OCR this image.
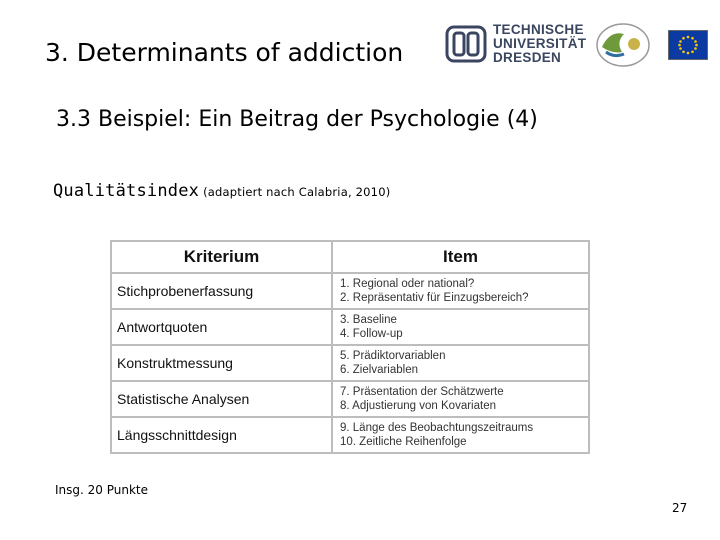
3. Determinants of addiction
TECHNISCHE
UNIVERSITÄT
DRESDEN
3.3 Beispiel: Ein Beitrag der Psychologie (4)
Qualitätsindex (adaptiert nach Calabria, 2010)
Kriterium	Item
Stichprobenerfassung	1. Regional oder national?
2. Repräsentativ für Einzugsbereich?

Antwortquoten	3. Baseline
4. Follow-up

Konstruktmessung	5. Prädiktorvariablen
6. Zielvariablen

Statistische Analysen	7. Präsentation der Schätzwerte
8. Adjustierung von Kovariaten

Längsschnittdesign	9. Länge des Beobachtungszeitraums
10. Zeitliche Reihenfolge
Insg. 20 Punkte
27
